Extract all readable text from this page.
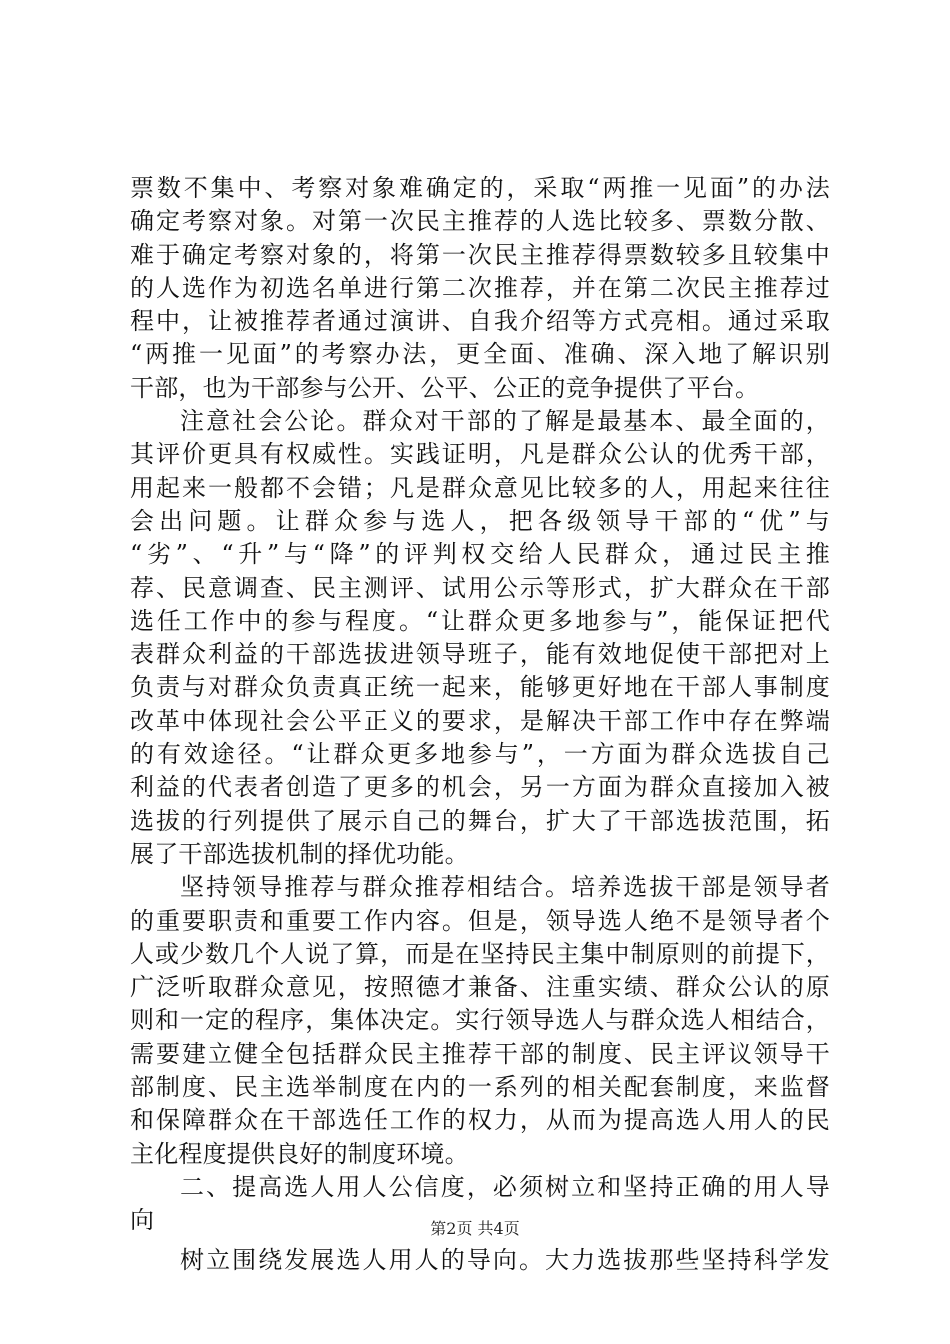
票数不集中、考察对象难确定的，采取“两推一见面”的办法
确定考察对象。对第一次民主推荐的人选比较多、票数分散、
难于确定考察对象的，将第一次民主推荐得票数较多且较集中
的人选作为初选名单进行第二次推荐，并在第二次民主推荐过
程中，让被推荐者通过演讲、自我介绍等方式亮相。通过采取
“两推一见面”的考察办法，更全面、准确、深入地了解识别
干部，也为干部参与公开、公平、公正的竞争提供了平台。
注意社会公论。群众对干部的了解是最基本、最全面的，
其评价更具有权威性。实践证明，凡是群众公认的优秀干部，
用起来一般都不会错；凡是群众意见比较多的人，用起来往往
会出问题。让群众参与选人，把各级领导干部的“优”与
“劣”、“升”与“降”的评判权交给人民群众，通过民主推
荐、民意调查、民主测评、试用公示等形式，扩大群众在干部
选任工作中的参与程度。“让群众更多地参与”，能保证把代
表群众利益的干部选拔进领导班子，能有效地促使干部把对上
负责与对群众负责真正统一起来，能够更好地在干部人事制度
改革中体现社会公平正义的要求，是解决干部工作中存在弊端
的有效途径。“让群众更多地参与”，一方面为群众选拔自己
利益的代表者创造了更多的机会，另一方面为群众直接加入被
选拔的行列提供了展示自己的舞台，扩大了干部选拔范围，拓
展了干部选拔机制的择优功能。
坚持领导推荐与群众推荐相结合。培养选拔干部是领导者
的重要职责和重要工作内容。但是，领导选人绝不是领导者个
人或少数几个人说了算，而是在坚持民主集中制原则的前提下，
广泛听取群众意见，按照德才兼备、注重实绩、群众公认的原
则和一定的程序，集体决定。实行领导选人与群众选人相结合，
需要建立健全包括群众民主推荐干部的制度、民主评议领导干
部制度、民主选举制度在内的一系列的相关配套制度，来监督
和保障群众在干部选任工作的权力，从而为提高选人用人的民
主化程度提供良好的制度环境。
二、提高选人用人公信度，必须树立和坚持正确的用人导
向
树立围绕发展选人用人的导向。大力选拔那些坚持科学发
第2页 共4页
